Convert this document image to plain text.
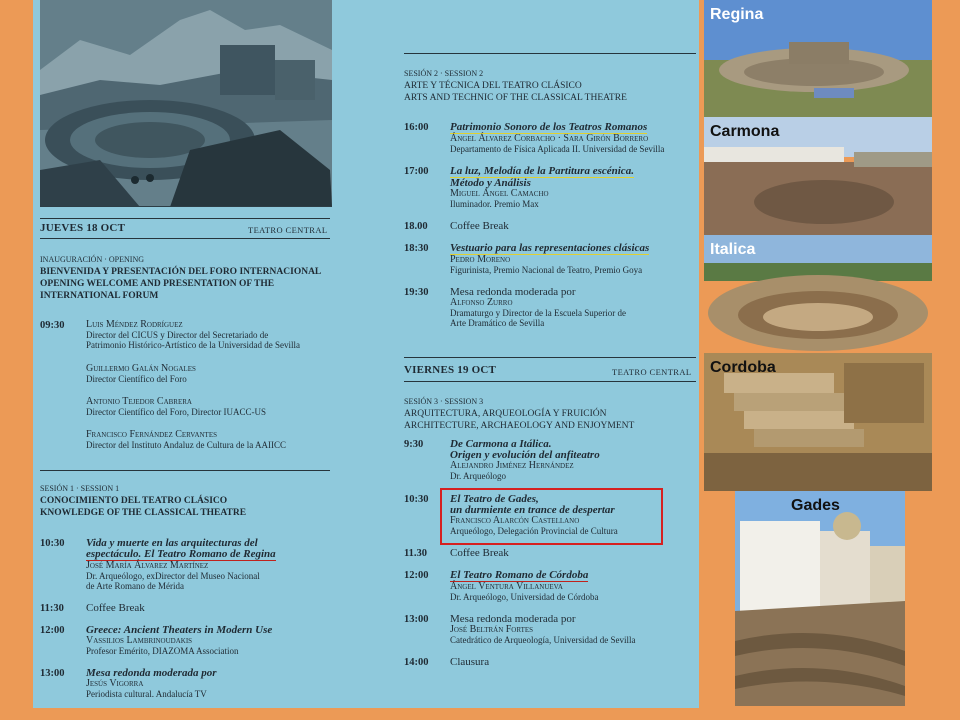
JUEVES 18 OCT	TEATRO CENTRAL
INAUGURACIÓN · OPENING
BIENVENIDA Y PRESENTACIÓN DEL FORO INTERNACIONAL
OPENING WELCOME AND PRESENTATION OF THE
INTERNATIONAL FORUM
09:30 Luis Méndez Rodríguez
Director del CICUS y Director del Secretariado de
Patrimonio Histórico-Artístico de la Universidad de Sevilla
Guillermo Galán Nogales
Director Científico del Foro
Antonio Tejedor Cabrera
Director Científico del Foro, Director IUACC-US
Francisco Fernández Cervantes
Director del Instituto Andaluz de Cultura de la AAIICC
SESIÓN 1 · SESSION 1
CONOCIMIENTO DEL TEATRO CLÁSICO
KNOWLEDGE OF THE CLASSICAL THEATRE
10:30 Vida y muerte en las arquitecturas del
espectáculo. El Teatro Romano de Regina
José María Álvarez Martínez
Dr. Arqueólogo, exDirector del Museo Nacional
de Arte Romano de Mérida
11:30 Coffee Break
12:00 Greece: Ancient Theaters in Modern Use
Vassilios Lambrinoudakis
Profesor Emérito, DIAZOMA Association
13:00 Mesa redonda moderada por
Jesús Vigorra
Periodista cultural. Andalucía TV
SESIÓN 2 · SESSION 2
ARTE Y TÉCNICA DEL TEATRO CLÁSICO
ARTS AND TECHNIC OF THE CLASSICAL THEATRE
16:00 Patrimonio Sonoro de los Teatros Romanos
Ángel Álvarez Corbacho · Sara Girón Borrero
Departamento de Física Aplicada II. Universidad de Sevilla
17:00 La luz, Melodía de la Partitura escénica.
Método y Análisis
Miguel Ángel Camacho
Iluminador. Premio Max
18.00 Coffee Break
18:30 Vestuario para las representaciones clásicas
Pedro Moreno
Figurinista, Premio Nacional de Teatro, Premio Goya
19:30 Mesa redonda moderada por
Alfonso Zurro
Dramaturgo y Director de la Escuela Superior de
Arte Dramático de Sevilla
VIERNES 19 OCT	TEATRO CENTRAL
SESIÓN 3 · SESSION 3
ARQUITECTURA, ARQUEOLOGÍA Y FRUICIÓN
ARCHITECTURE, ARCHAEOLOGY AND ENJOYMENT
9:30 De Carmona a Itálica.
Origen y evolución del anfiteatro
Alejandro Jiménez Hernández
Dr. Arqueólogo
10:30 El Teatro de Gades,
un durmiente en trance de despertar
Francisco Alarcón Castellano
Arqueólogo, Delegación Provincial de Cultura
11.30 Coffee Break
12:00 El Teatro Romano de Córdoba
Ángel Ventura Villanueva
Dr. Arqueólogo, Universidad de Córdoba
13:00 Mesa redonda moderada por
José Beltrán Fortes
Catedrático de Arqueología, Universidad de Sevilla
14:00 Clausura
Regina
Carmona
Italica
Cordoba
Gades
